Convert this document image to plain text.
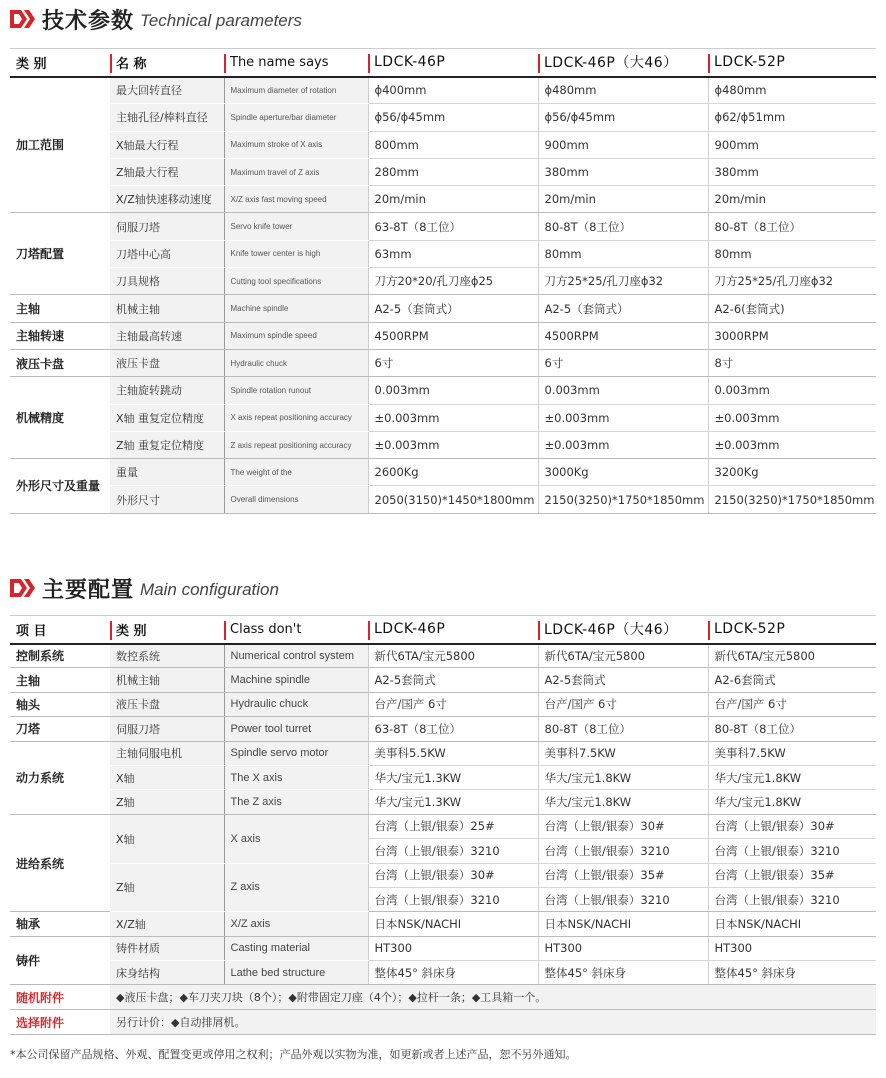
技术参数 Technical parameters
类 别	名 称	The name says	LDCK-46P	LDCK-46P（大46）	LDCK-52P
加工范围	最大回转直径	Maximum diameter of rotation	ϕ400mm	ϕ480mm	ϕ480mm
	主轴孔径/棒料直径	Spindle aperture/bar diameter	ϕ56/ϕ45mm	ϕ56/ϕ45mm	ϕ62/ϕ51mm
	X轴最大行程	Maximum stroke of X axis	800mm	900mm	900mm
	Z轴最大行程	Maximum travel of Z axis	280mm	380mm	380mm
	X/Z轴快速移动速度	X/Z axis fast moving speed	20m/min	20m/min	20m/min
刀塔配置	伺服刀塔	Servo knife tower	63-8T（8工位）	80-8T（8工位）	80-8T（8工位）
	刀塔中心高	Knife tower center is high	63mm	80mm	80mm
	刀具规格	Cutting tool specifications	刀方20*20/孔刀座ϕ25	刀方25*25/孔刀座ϕ32	刀方25*25/孔刀座ϕ32
主轴	机械主轴	Machine spindle	A2-5（套筒式）	A2-5（套筒式）	A2-6(套筒式)
主轴转速	主轴最高转速	Maximum spindle speed	4500RPM	4500RPM	3000RPM
液压卡盘	液压卡盘	Hydraulic chuck	6寸	6寸	8寸
机械精度	主轴旋转跳动	Spindle rotation runout	0.003mm	0.003mm	0.003mm
	X轴 重复定位精度	X axis repeat positioning accuracy	±0.003mm	±0.003mm	±0.003mm
	Z轴 重复定位精度	Z axis repeat positioning accuracy	±0.003mm	±0.003mm	±0.003mm
外形尺寸及重量	重量	The weight of the	2600Kg	3000Kg	3200Kg
	外形尺寸	Overall dimensions	2050(3150)*1450*1800mm	2150(3250)*1750*1850mm	2150(3250)*1750*1850mm
主要配置 Main configuration
项 目	类 别	Class don't	LDCK-46P	LDCK-46P（大46）	LDCK-52P
控制系统	数控系统	Numerical control system	新代6TA/宝元5800	新代6TA/宝元5800	新代6TA/宝元5800
主轴	机械主轴	Machine spindle	A2-5套筒式	A2-5套筒式	A2-6套筒式
轴头	液压卡盘	Hydraulic chuck	台产/国产 6寸	台产/国产 6寸	台产/国产 6寸
刀塔	伺服刀塔	Power tool turret	63-8T（8工位）	80-8T（8工位）	80-8T（8工位）
动力系统	主轴伺服电机	Spindle servo motor	美事科5.5KW	美事科7.5KW	美事科7.5KW
	X轴	The X axis	华大/宝元1.3KW	华大/宝元1.8KW	华大/宝元1.8KW
	Z轴	The Z axis	华大/宝元1.3KW	华大/宝元1.8KW	华大/宝元1.8KW
进给系统	X轴	X axis	台湾（上银/银泰）25#	台湾（上银/银泰）30#	台湾（上银/银泰）30#
			台湾（上银/银泰）3210	台湾（上银/银泰）3210	台湾（上银/银泰）3210
	Z轴	Z axis	台湾（上银/银泰）30#	台湾（上银/银泰）35#	台湾（上银/银泰）35#
			台湾（上银/银泰）3210	台湾（上银/银泰）3210	台湾（上银/银泰）3210
轴承	X/Z轴	X/Z axis	日本NSK/NACHI	日本NSK/NACHI	日本NSK/NACHI
铸件	铸件材质	Casting material	HT300	HT300	HT300
	床身结构	Lathe bed structure	整体45° 斜床身	整体45° 斜床身	整体45° 斜床身
随机附件	◆液压卡盘；◆车刀夹刀块（8个）；◆附带固定刀座（4个）；◆拉杆一条；◆工具箱一个。				
选择附件	另行计价：◆自动排屑机。				
*本公司保留产品规格、外观、配置变更或停用之权利；产品外观以实物为准，如更新或者上述产品，恕不另外通知。
